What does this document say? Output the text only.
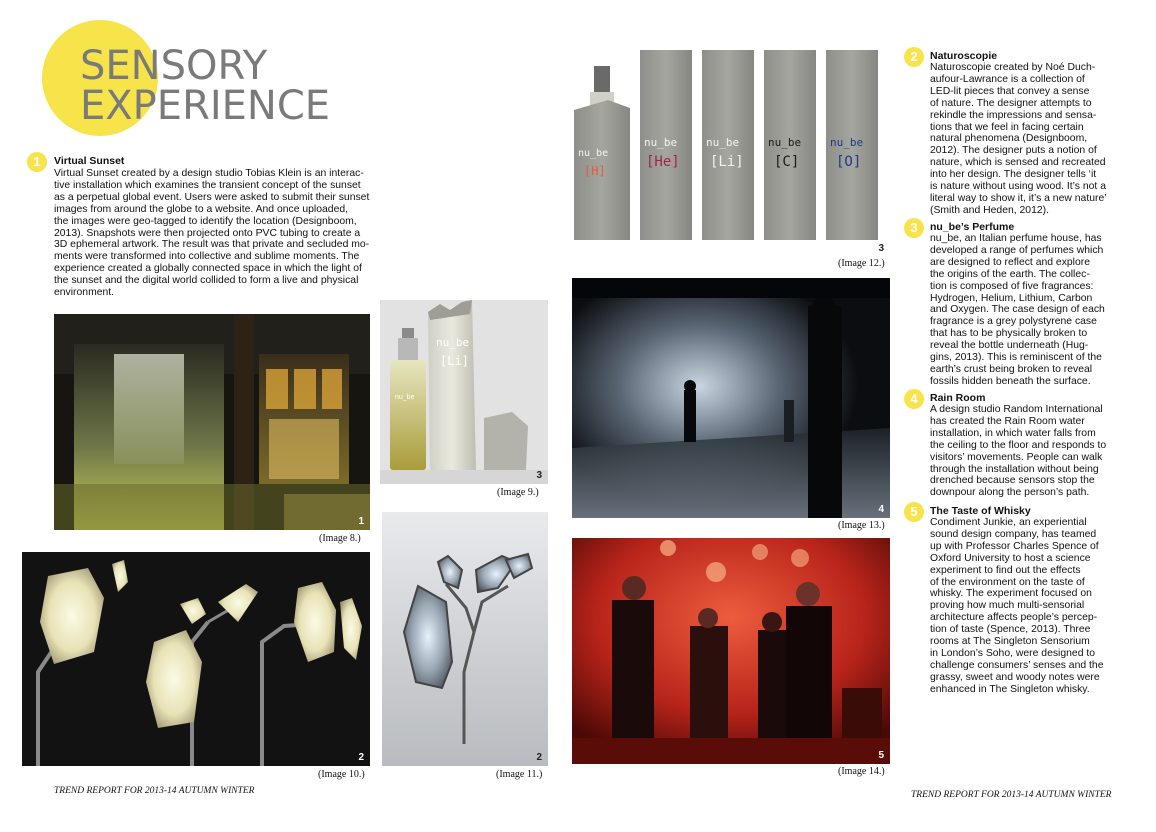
SENSORY
EXPERIENCE
1	Virtual Sunset
Virtual Sunset created by a design studio Tobias Klein is an interac-
tive installation which examines the transient concept of the sunset
as a perpetual global event. Users were asked to submit their sunset
images from around the globe to a website. And once uploaded,
the images were geo-tagged to identify the location (Designboom,
2013). Snapshots were then projected onto PVC tubing to create a
3D ephemeral artwork. The result was that private and secluded mo-
ments were transformed into collective and sublime moments. The
experience created a globally connected space in which the light of
the sunset and the digital world collided to form a live and physical
environment.
1
(Image 8.)
nu_be
nu_be
[Li]
3
(Image 9.)
2
(Image 10.)
2
(Image 11.)
nu_be
[H]
nu_be
[He]
nu_be
[Li]
nu_be
[C]
nu_be
[O]
3
(Image 12.)
4
(Image 13.)
5
(Image 14.)
2	Naturoscopie
Naturoscopie created by Noé Duch-
aufour-Lawrance is a collection of
LED-lit pieces that convey a sense
of nature. The designer attempts to
rekindle the impressions and sensa-
tions that we feel in facing certain
natural phenomena (Designboom,
2012). The designer puts a notion of
nature, which is sensed and recreated
into her design. The designer tells ‘it
is nature without using wood. It’s not a
literal way to show it, it’s a new nature’
(Smith and Heden, 2012).
3	nu_be’s Perfume
nu_be, an Italian perfume house, has
developed a range of perfumes which
are designed to reflect and explore
the origins of the earth. The collec-
tion is composed of five fragrances:
Hydrogen, Helium, Lithium, Carbon
and Oxygen. The case design of each
fragrance is a grey polystyrene case
that has to be physically broken to
reveal the bottle underneath (Hug-
gins, 2013). This is reminiscent of the
earth’s crust being broken to reveal
fossils hidden beneath the surface.
4	Rain Room
A design studio Random International
has created the Rain Room water
installation, in which water falls from
the ceiling to the floor and responds to
visitors’ movements. People can walk
through the installation without being
drenched because sensors stop the
downpour along the person’s path.
5	The Taste of Whisky
Condiment Junkie, an experiential
sound design company, has teamed
up with Professor Charles Spence of
Oxford University to host a science
experiment to find out the effects
of the environment on the taste of
whisky. The experiment focused on
proving how much multi-sensorial
architecture affects people’s percep-
tion of taste (Spence, 2013). Three
rooms at The Singleton Sensorium
in London’s Soho, were designed to
challenge consumers’ senses and the
grassy, sweet and woody notes were
enhanced in The Singleton whisky.
TREND REPORT FOR 2013-14 AUTUMN WINTER	TREND REPORT FOR 2013-14 AUTUMN WINTER
